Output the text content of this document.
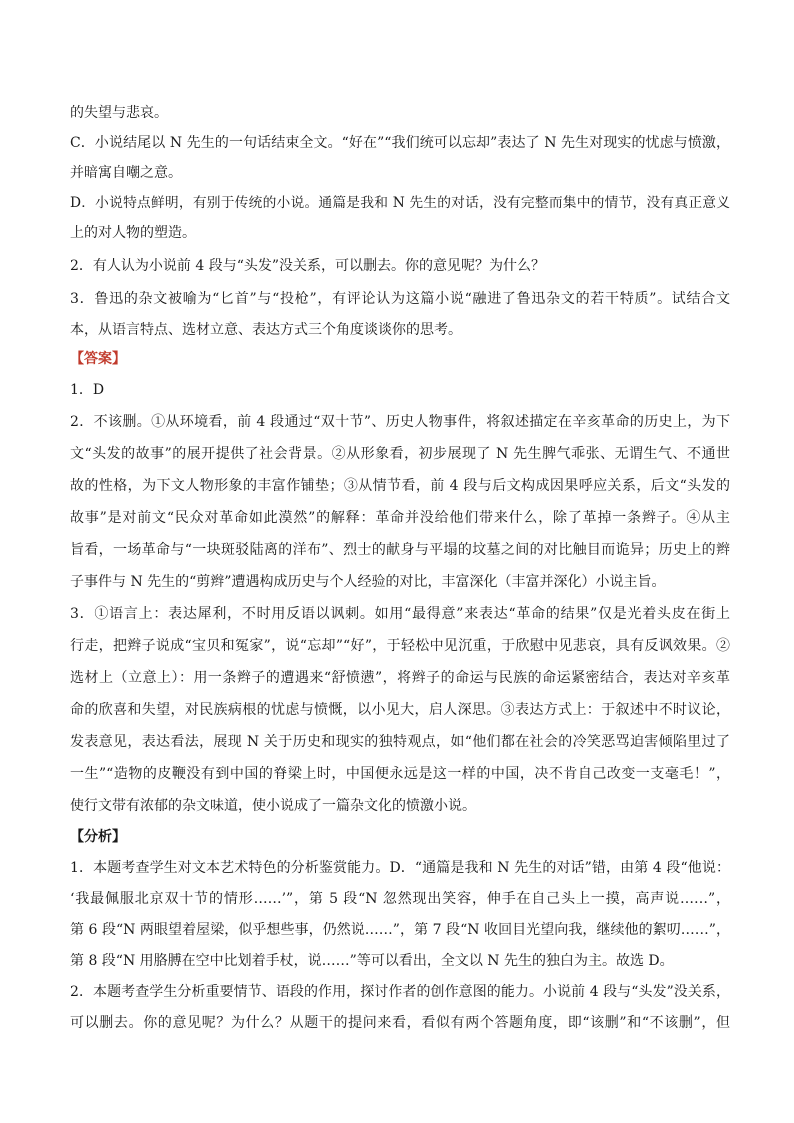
的失望与悲哀。
C．小说结尾以 N 先生的一句话结束全文。“好在”“我们统可以忘却”表达了 N 先生对现实的忧虑与愤激，
并暗寓自嘲之意。
D．小说特点鲜明，有别于传统的小说。通篇是我和 N 先生的对话，没有完整而集中的情节，没有真正意义
上的对人物的塑造。
2．有人认为小说前 4 段与“头发”没关系，可以删去。你的意见呢？为什么？
3．鲁迅的杂文被喻为“匕首”与“投枪”，有评论认为这篇小说“融进了鲁迅杂文的若干特质”。试结合文
本，从语言特点、选材立意、表达方式三个角度谈谈你的思考。
【答案】
1．D
2．不该删。①从环境看，前 4 段通过“双十节”、历史人物事件，将叙述描定在辛亥革命的历史上，为下
文“头发的故事”的展开提供了社会背景。②从形象看，初步展现了 N 先生脾气乖张、无谓生气、不通世
故的性格，为下文人物形象的丰富作铺垫；③从情节看，前 4 段与后文构成因果呼应关系，后文“头发的
故事”是对前文“民众对革命如此漠然”的解释：革命并没给他们带来什么，除了革掉一条辫子。④从主
旨看，一场革命与“一块斑驳陆离的洋布”、烈士的献身与平塌的坟墓之间的对比触目而诡异；历史上的辫
子事件与 N 先生的“剪辫”遭遇构成历史与个人经验的对比，丰富深化（丰富并深化）小说主旨。
3．①语言上：表达犀利，不时用反语以讽刺。如用“最得意”来表达“革命的结果”仅是光着头皮在街上
行走，把辫子说成“宝贝和冤家”，说“忘却”“好”，于轻松中见沉重，于欣慰中见悲哀，具有反讽效果。②
选材上（立意上）：用一条辫子的遭遇来“舒愤懑”，将辫子的命运与民族的命运紧密结合，表达对辛亥革
命的欣喜和失望，对民族病根的忧虑与愤慨，以小见大，启人深思。③表达方式上：于叙述中不时议论，
发表意见，表达看法，展现 N 关于历史和现实的独特观点，如“他们都在社会的冷笑恶骂迫害倾陷里过了
一生”“造物的皮鞭没有到中国的脊梁上时，中国便永远是这一样的中国，决不肯自己改变一支毫毛！”，
使行文带有浓郁的杂文味道，使小说成了一篇杂文化的愤激小说。
【分析】
1．本题考查学生对文本艺术特色的分析鉴赏能力。D．“通篇是我和 N 先生的对话”错，由第 4 段“他说：
‘我最佩服北京双十节的情形……’”，第 5 段“N 忽然现出笑容，伸手在自己头上一摸，高声说……”，
第 6 段“N 两眼望着屋梁，似乎想些事，仍然说……”，第 7 段“N 收回目光望向我，继续他的絮叨……”，
第 8 段“N 用胳膊在空中比划着手杖，说……”等可以看出，全文以 N 先生的独白为主。故选 D。
2．本题考查学生分析重要情节、语段的作用，探讨作者的创作意图的能力。小说前 4 段与“头发”没关系，
可以删去。你的意见呢？为什么？从题干的提问来看，看似有两个答题角度，即“该删”和“不该删”，但
